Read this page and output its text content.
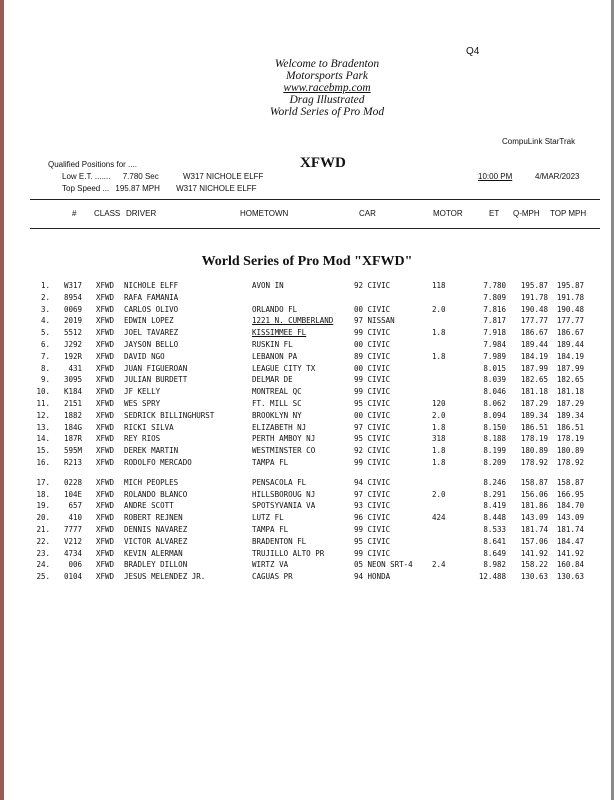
Q4
Welcome to Bradenton
Motorsports Park
www.racebmp.com
Drag Illustrated
World Series of Pro Mod
CompuLink StarTrak
XFWD
Qualified Positions for ....
Low E.T. ....... 7.780 Sec	W317 NICHOLE ELFF
Top Speed ... 195.87 MPH W317 NICHOLE ELFF
10:00 PM	4/MAR/2023
# CLASS DRIVER	HOMETOWN	CAR	MOTOR	ET Q-MPH TOP MPH
World Series of Pro Mod "XFWD"
1.	W317 XFWD NICHOLE ELFF	AVON IN	92 CIVIC	118	7.780	195.87	195.87
2.	8954 XFWD RAFA FAMANIA	7.809	191.78	191.78
3.	0069 XFWD CARLOS OLIVO	ORLANDO FL	00 CIVIC	2.0	7.816	190.48	190.48
4.	2019 XFWD EDWIN LOPEZ	1221 N. CUMBERLAND	97 NISSAN	7.817	177.77	177.77
5.	5512 XFWD JOEL TAVAREZ	KISSIMMEE FL	99 CIVIC	1.8	7.918	186.67	186.67
6.	J292 XFWD JAYSON BELLO	RUSKIN FL	00 CIVIC	7.984	189.44	189.44
7.	192R XFWD DAVID NGO	LEBANON PA	89 CIVIC	1.8	7.989	184.19	184.19
8.	431 XFWD JUAN FIGUEROAN	LEAGUE CITY TX	00 CIVIC	8.015	187.99	187.99
9.	3095 XFWD JULIAN BURDETT	DELMAR DE	99 CIVIC	8.039	182.65	182.65
10.	K184 XFWD JF KELLY	MONTREAL QC	99 CIVIC	8.046	181.18	181.18
11.	2151 XFWD WES SPRY	FT. MILL SC	95 CIVIC	120	8.062	187.29	187.29
12.	1882 XFWD SEDRICK BILLINGHURST	BROOKLYN NY	00 CIVIC	2.0	8.094	189.34	189.34
13.	184G XFWD RICKI SILVA	ELIZABETH NJ	97 CIVIC	1.8	8.150	186.51	186.51
14.	187R XFWD REY RIOS	PERTH AMBOY NJ	95 CIVIC	318	8.188	178.19	178.19
15.	595M XFWD DEREK MARTIN	WESTMINSTER CO	92 CIVIC	1.8	8.199	180.89	180.89
16.	R213 XFWD RODOLFO MERCADO	TAMPA FL	99 CIVIC	1.8	8.209	178.92	178.92
17.	0228 XFWD MICH PEOPLES	PENSACOLA FL	94 CIVIC	8.246	158.87	158.87
18.	104E XFWD ROLANDO BLANCO	HILLSBOROUG NJ	97 CIVIC	2.0	8.291	156.06	166.95
19.	657 XFWD ANDRE SCOTT	SPOTSYVANIA VA	93 CIVIC	8.419	181.86	184.70
20.	410 XFWD ROBERT REJNEN	LUTZ FL	96 CIVIC	424	8.448	143.09	143.09
21.	7777 XFWD DENNIS NAVAREZ	TAMPA FL	99 CIVIC	8.533	181.74	181.74
22.	V212 XFWD VICTOR ALVAREZ	BRADENTON FL	95 CIVIC	8.641	157.06	184.47
23.	4734 XFWD KEVIN ALERMAN	TRUJILLO ALTO PR	99 CIVIC	8.649	141.92	141.92
24.	006 XFWD BRADLEY DILLON	WIRTZ VA	05 NEON SRT-4	2.4	8.982	158.22	160.84
25.	0104 XFWD JESUS MELENDEZ JR.	CAGUAS PR	94 HONDA	12.488	130.63	130.63
